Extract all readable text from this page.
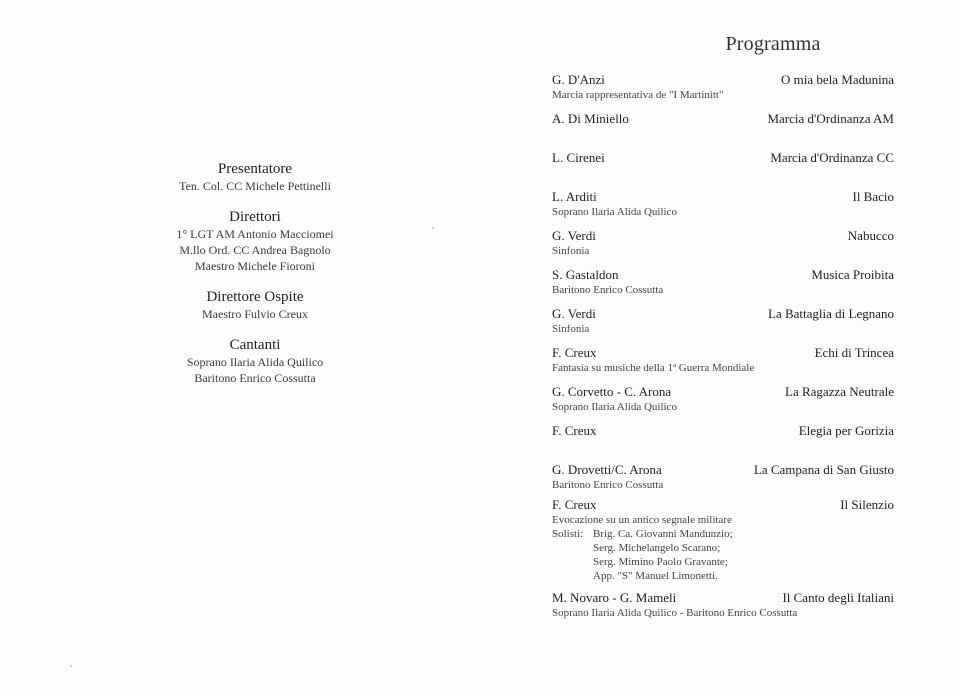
Presentatore
Ten. Col. CC Michele Pettinelli
Direttori
1° LGT AM Antonio Macciomei
M.llo Ord. CC Andrea Bagnolo
Maestro Michele Fioroni
Direttore Ospite
Maestro Fulvio Creux
Cantanti
Soprano Ilaria Alida Quilico
Baritono Enrico Cossutta
Programma
G. D'Anzi	O mia bela Madunina
Marcia rappresentativa de "I Martinitt"
A. Di Miniello	Marcia d'Ordinanza AM
L. Cirenei	Marcia d'Ordinanza CC
L. Arditi	Il Bacio
Soprano Ilaria Alida Quilico
G. Verdi	Nabucco
Sinfonia
S. Gastaldon	Musica Proibita
Baritono Enrico Cossutta
G. Verdi	La Battaglia di Legnano
Sinfonia
F. Creux	Echi di Trincea
Fantasia su musiche della 1ª Guerra Mondiale
G. Corvetto - C. Arona	La Ragazza Neutrale
Soprano Ilaria Alida Quilico
F. Creux	Elegia per Gorizia
G. Drovetti/C. Arona	La Campana di San Giusto
Baritono Enrico Cossutta
F. Creux	Il Silenzio
Evocazione su un antico segnale militare
Solisti: Brig. Ca. Giovanni Mandunzio;
Serg. Michelangelo Scarano;
Serg. Mimino Paolo Gravante;
App. "S" Manuel Limonetti.
M. Novaro - G. Mameli	Il Canto degli Italiani
Soprano Ilaria Alida Quilico - Baritono Enrico Cossutta
